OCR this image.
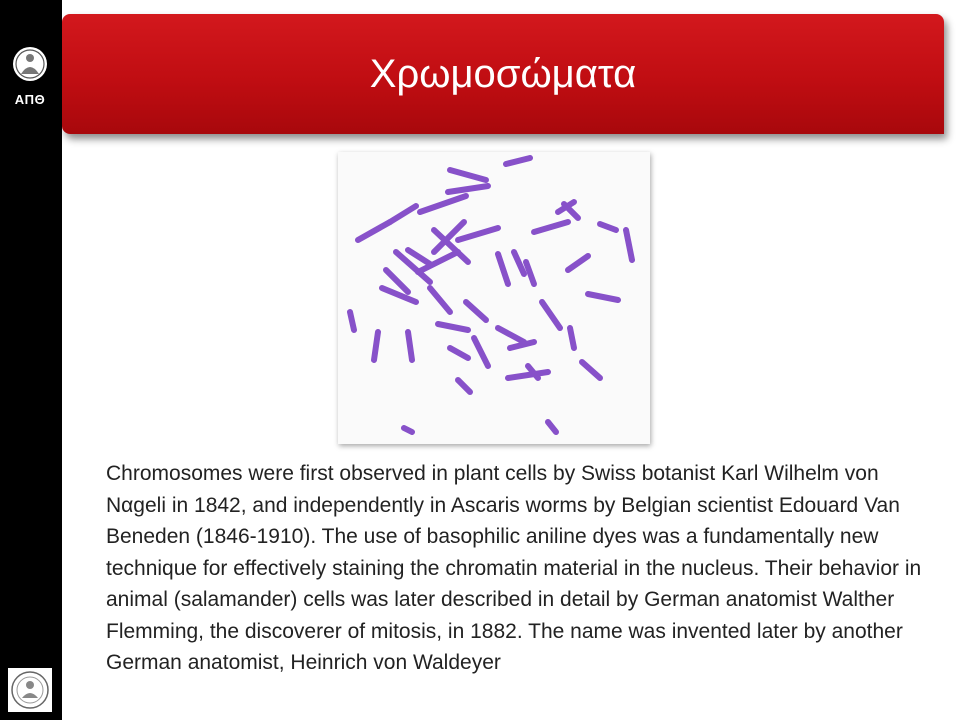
ΑΠΘ
Χρωμοσώματα

Chromosomes were first observed in plant cells by Swiss botanist Karl Wilhelm von Nαgeli in 1842, and independently in Ascaris worms by Belgian scientist Edouard Van Beneden (1846-1910). The use of basophilic aniline dyes was a fundamentally new technique for effectively staining the chromatin material in the nucleus. Their behavior in animal (salamander) cells was later described in detail by German anatomist Walther Flemming, the discoverer of mitosis, in 1882. The name was invented later by another German anatomist, Heinrich von Waldeyer
